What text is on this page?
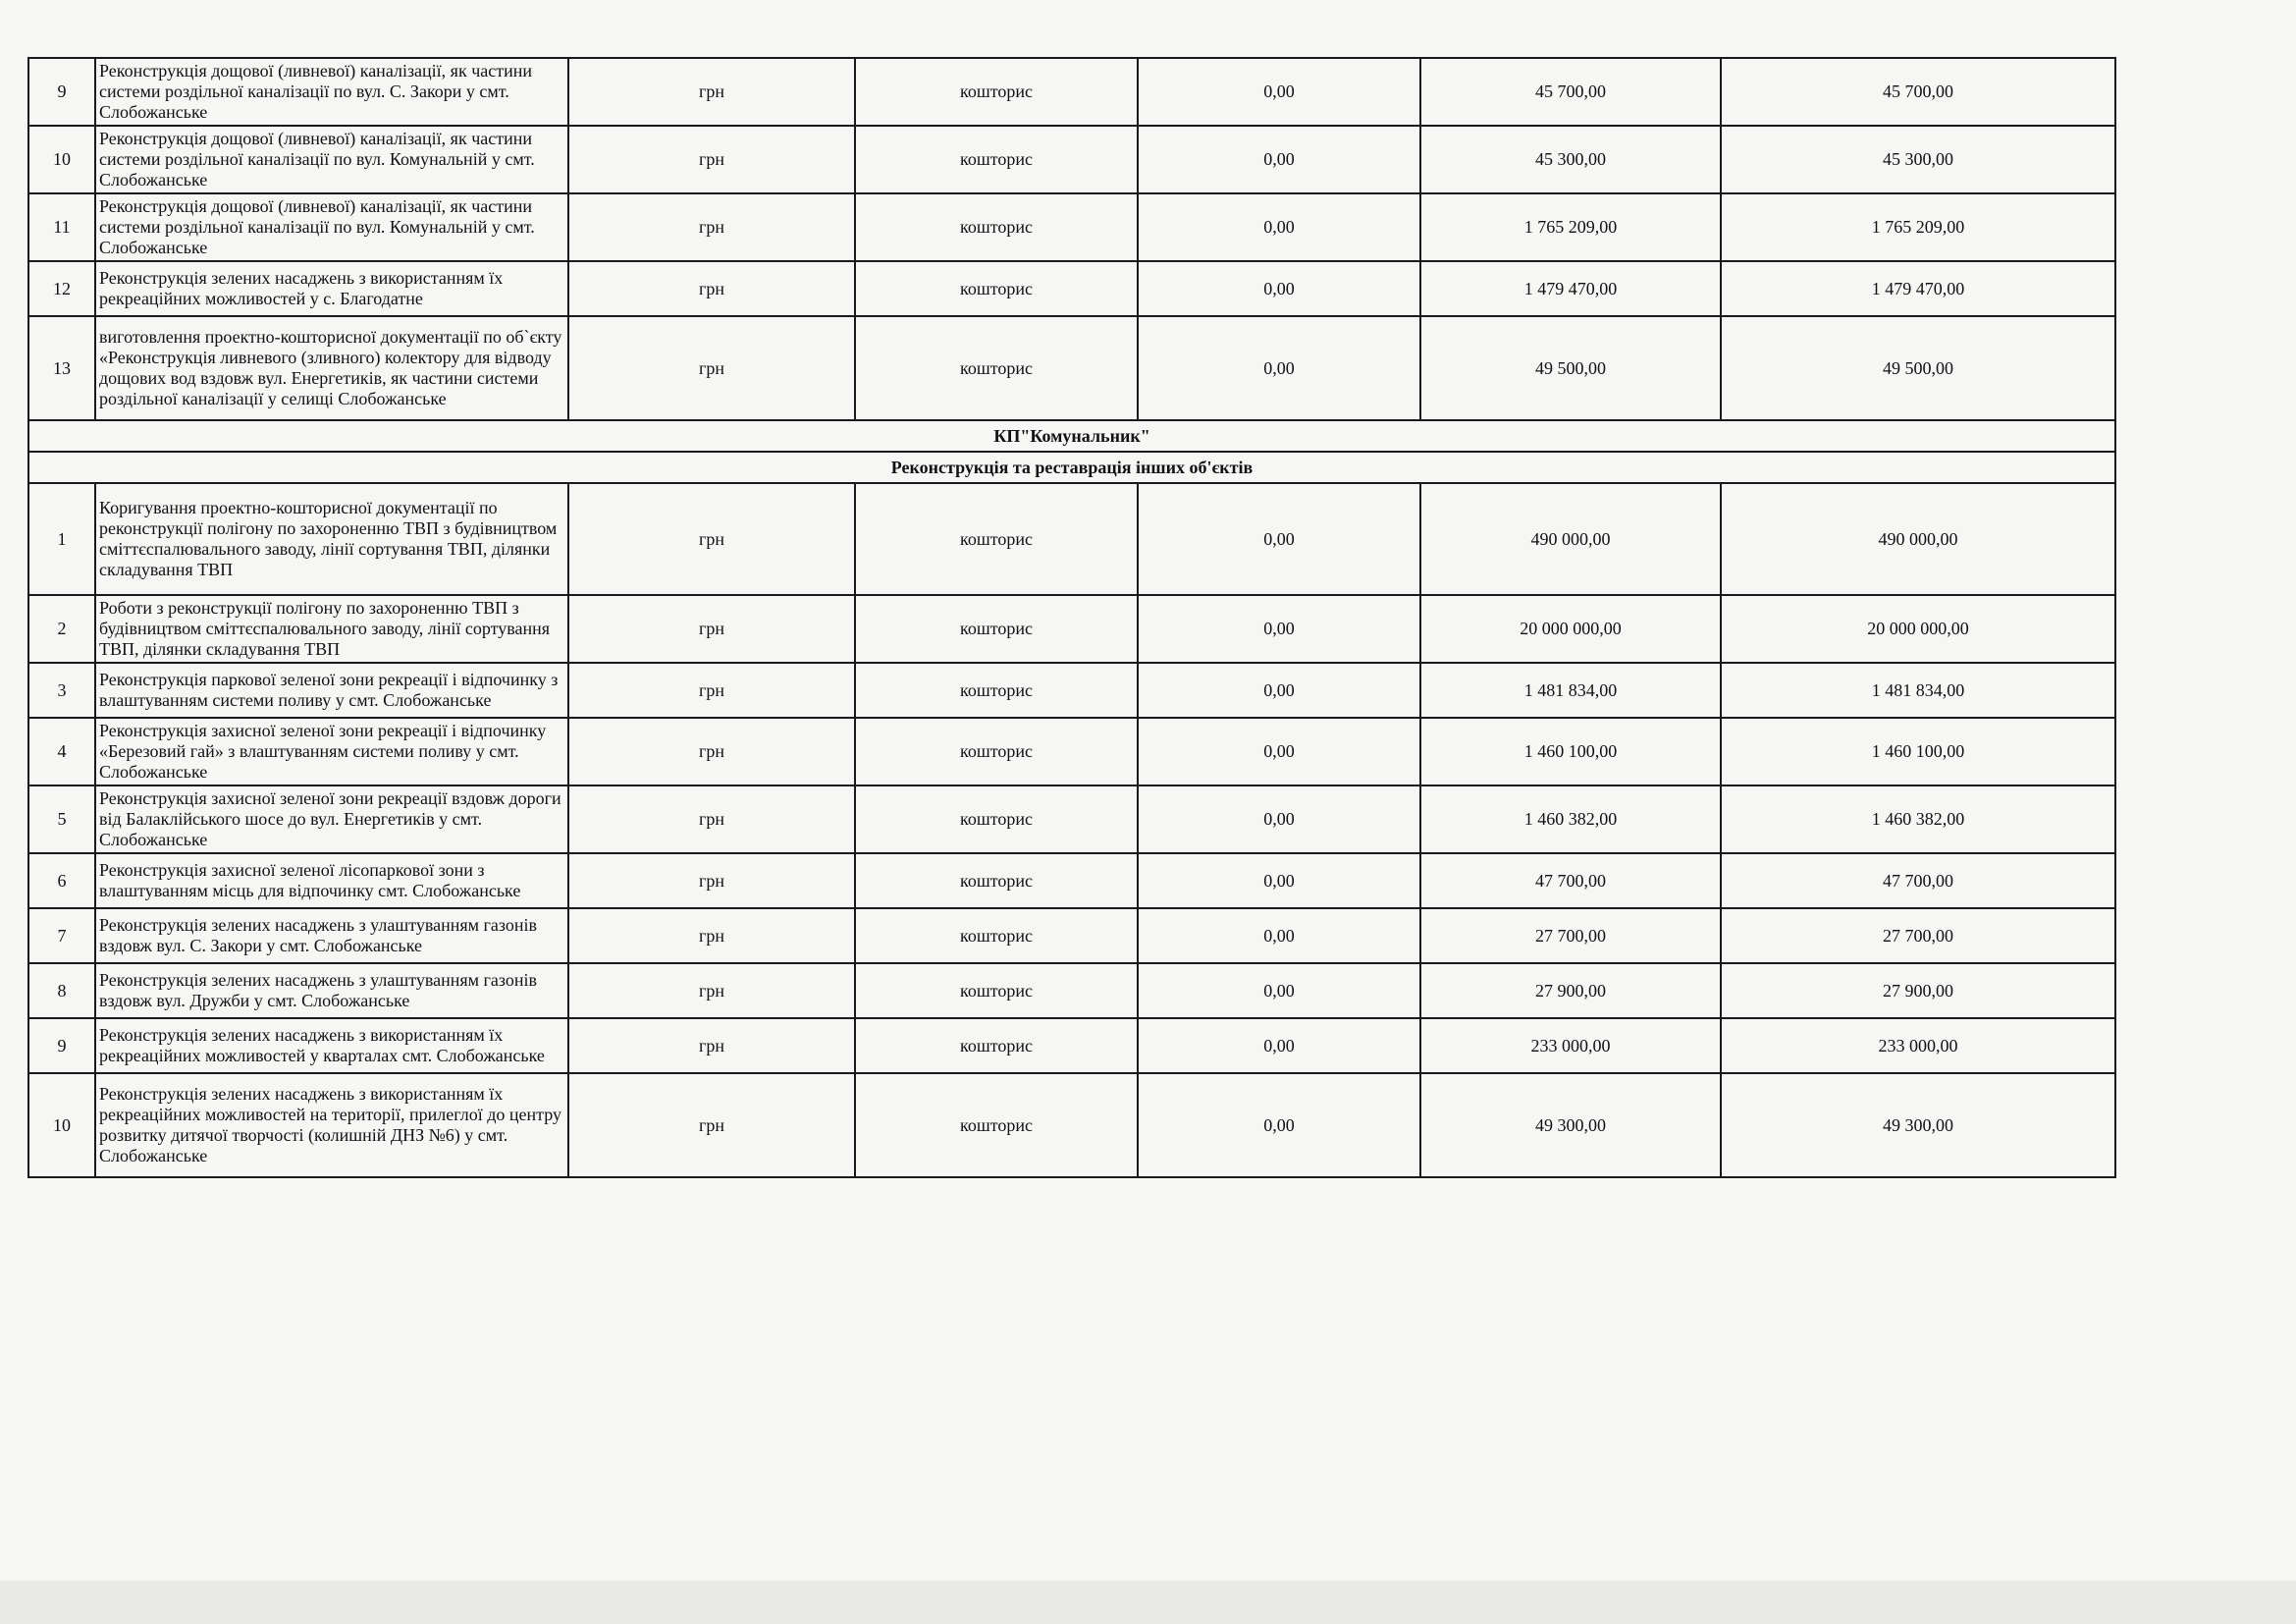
9	Реконструкція дощової (ливневої) каналізації, як частини системи роздільної каналізації по вул. С. Закори у смт. Слобожанське	грн	кошторис	0,00	45 700,00	45 700,00
10	Реконструкція дощової (ливневої) каналізації, як частини системи роздільної каналізації по вул. Комунальній у смт. Слобожанське	грн	кошторис	0,00	45 300,00	45 300,00
11	Реконструкція дощової (ливневої) каналізації, як частини системи роздільної каналізації по вул. Комунальній у смт. Слобожанське	грн	кошторис	0,00	1 765 209,00	1 765 209,00
12	Реконструкція зелених насаджень з використанням їх рекреаційних можливостей у с. Благодатне	грн	кошторис	0,00	1 479 470,00	1 479 470,00
13	виготовлення проектно-кошторисної документації по об`єкту «Реконструкція ливневого (зливного) колектору для відводу дощових вод вздовж вул. Енергетиків, як частини системи роздільної каналізації у селищі Слобожанське	грн	кошторис	0,00	49 500,00	49 500,00
КП"Комунальник"						
Реконструкція та реставрація інших об'єктів						
1	Коригування проектно-кошторисної документації по реконструкції полігону по захороненню ТВП з будівництвом сміттєспалювального заводу, лінії сортування ТВП, ділянки складування ТВП	грн	кошторис	0,00	490 000,00	490 000,00
2	Роботи з реконструкції полігону по захороненню ТВП з будівництвом сміттєспалювального заводу, лінії сортування ТВП, ділянки складування ТВП	грн	кошторис	0,00	20 000 000,00	20 000 000,00
3	Реконструкція паркової зеленої зони рекреації і відпочинку з влаштуванням системи поливу у смт. Слобожанське	грн	кошторис	0,00	1 481 834,00	1 481 834,00
4	Реконструкція захисної зеленої зони рекреації і відпочинку «Березовий гай» з влаштуванням системи поливу у смт. Слобожанське	грн	кошторис	0,00	1 460 100,00	1 460 100,00
5	Реконструкція захисної зеленої зони рекреації вздовж дороги від Балаклійського шосе до вул. Енергетиків у смт. Слобожанське	грн	кошторис	0,00	1 460 382,00	1 460 382,00
6	Реконструкція захисної зеленої лісопаркової зони з влаштуванням місць для відпочинку смт. Слобожанське	грн	кошторис	0,00	47 700,00	47 700,00
7	Реконструкція зелених насаджень з улаштуванням газонів вздовж вул. С. Закори у смт. Слобожанське	грн	кошторис	0,00	27 700,00	27 700,00
8	Реконструкція зелених насаджень з улаштуванням газонів вздовж вул. Дружби у смт. Слобожанське	грн	кошторис	0,00	27 900,00	27 900,00
9	Реконструкція зелених насаджень з використанням їх рекреаційних можливостей у кварталах смт. Слобожанське	грн	кошторис	0,00	233 000,00	233 000,00
10	Реконструкція зелених насаджень з використанням їх рекреаційних можливостей на території, прилеглої до центру розвитку дитячої творчості (колишній ДНЗ №6) у смт. Слобожанське	грн	кошторис	0,00	49 300,00	49 300,00
